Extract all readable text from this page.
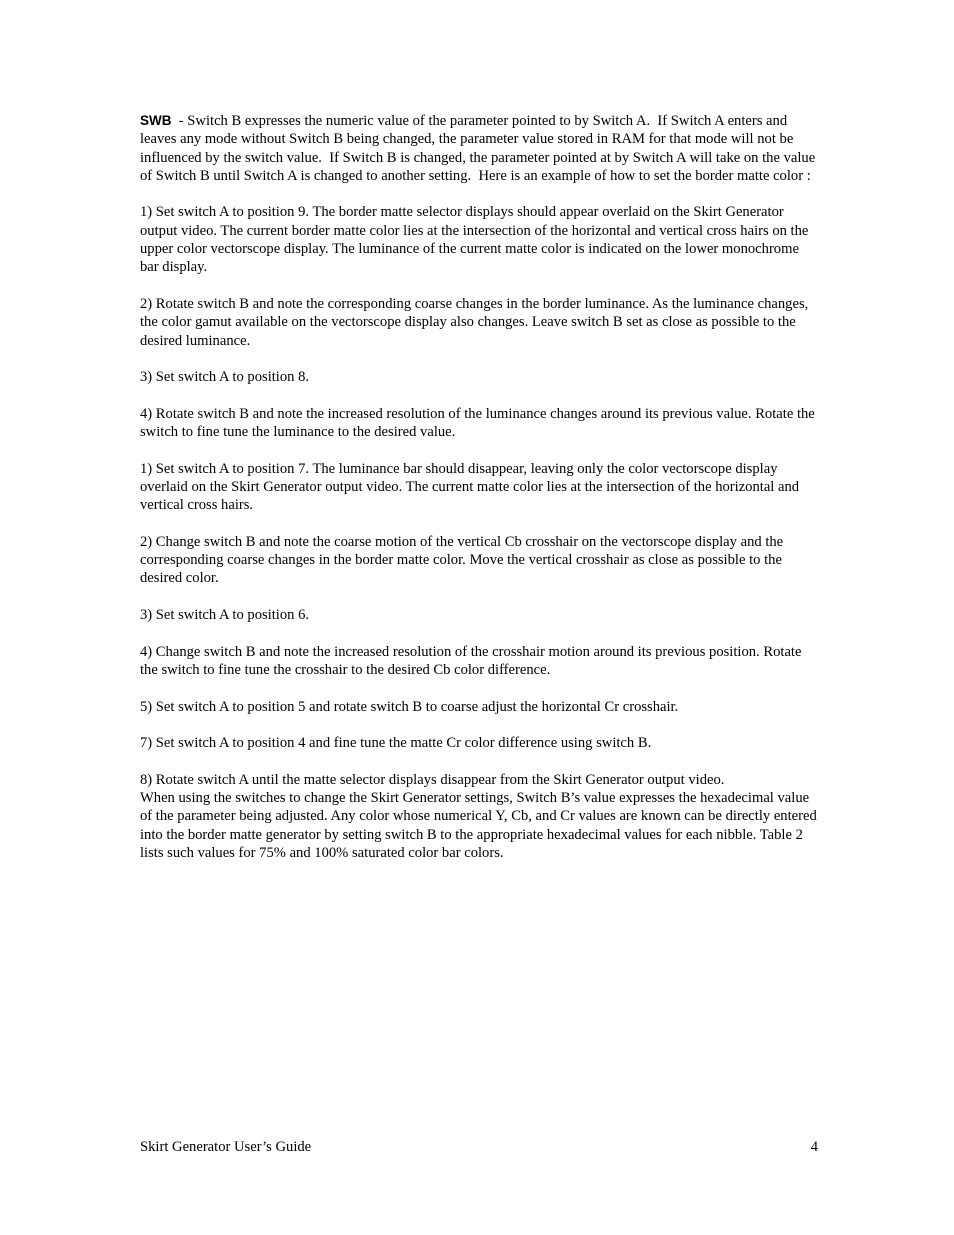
SWB  - Switch B expresses the numeric value of the parameter pointed to by Switch A.  If Switch A enters and leaves any mode without Switch B being changed, the parameter value stored in RAM for that mode will not be influenced by the switch value.  If Switch B is changed, the parameter pointed at by Switch A will take on the value of Switch B until Switch A is changed to another setting.  Here is an example of how to set the border matte color :

1) Set switch A to position 9. The border matte selector displays should appear overlaid on the Skirt Generator output video. The current border matte color lies at the intersection of the horizontal and vertical cross hairs on the upper color vectorscope display. The luminance of the current matte color is indicated on the lower monochrome bar display.

2) Rotate switch B and note the corresponding coarse changes in the border luminance. As the luminance changes, the color gamut available on the vectorscope display also changes. Leave switch B set as close as possible to the desired luminance.

3) Set switch A to position 8.

4) Rotate switch B and note the increased resolution of the luminance changes around its previous value. Rotate the switch to fine tune the luminance to the desired value.

1) Set switch A to position 7. The luminance bar should disappear, leaving only the color vectorscope display overlaid on the Skirt Generator output video. The current matte color lies at the intersection of the horizontal and vertical cross hairs.

2) Change switch B and note the coarse motion of the vertical Cb crosshair on the vectorscope display and the corresponding coarse changes in the border matte color. Move the vertical crosshair as close as possible to the desired color.

3) Set switch A to position 6.

4) Change switch B and note the increased resolution of the crosshair motion around its previous position. Rotate the switch to fine tune the crosshair to the desired Cb color difference.

5) Set switch A to position 5 and rotate switch B to coarse adjust the horizontal Cr crosshair.

7) Set switch A to position 4 and fine tune the matte Cr color difference using switch B.

8) Rotate switch A until the matte selector displays disappear from the Skirt Generator output video.
When using the switches to change the Skirt Generator settings, Switch B’s value expresses the hexadecimal value of the parameter being adjusted. Any color whose numerical Y, Cb, and Cr values are known can be directly entered into the border matte generator by setting switch B to the appropriate hexadecimal values for each nibble. Table 2 lists such values for 75% and 100% saturated color bar colors.
Skirt Generator User’s Guide	4
